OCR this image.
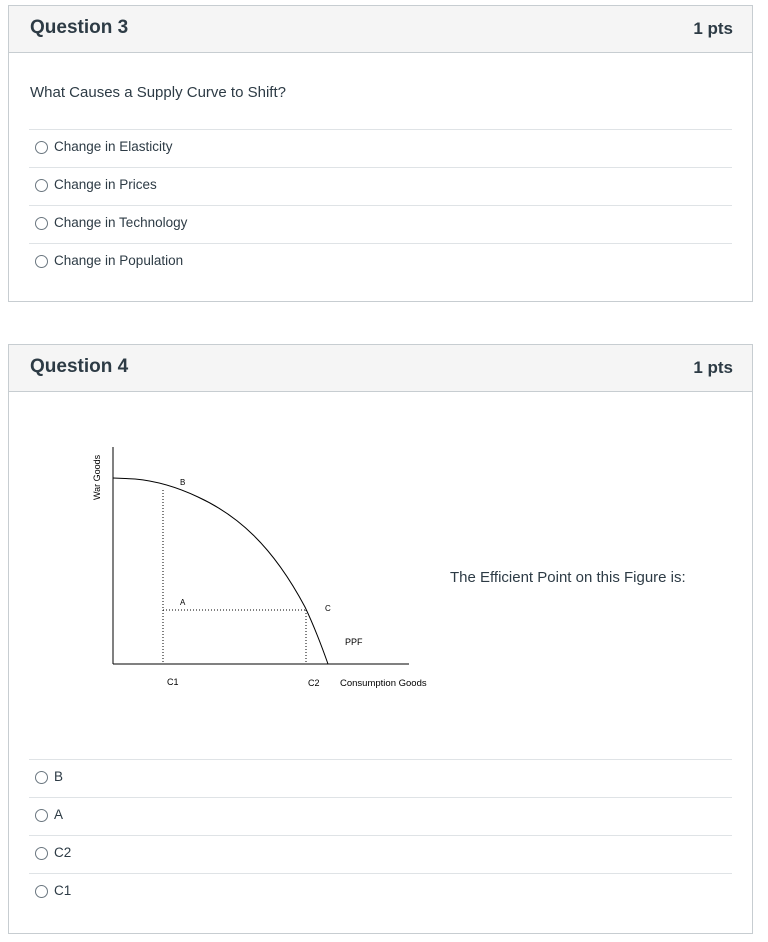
Question 3	1 pts
What Causes a Supply Curve to Shift?
Change in Elasticity
Change in Prices
Change in Technology
Change in Population
Question 4	1 pts
War Goods	B
A
C
PPF
C1	C2 Consumption Goods
The Efficient Point on this Figure is:
B
A
C2
C1
